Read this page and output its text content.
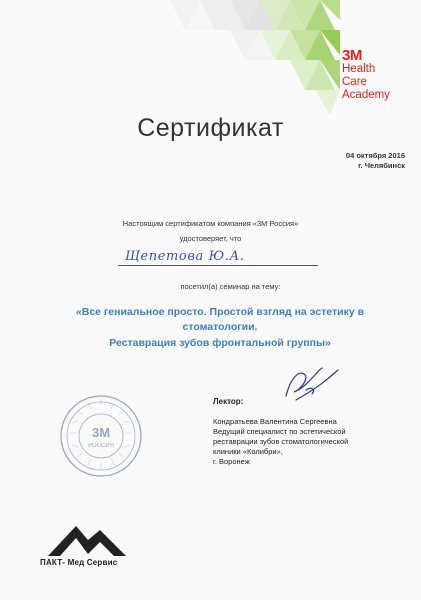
3M
Health
Care
Academy
Сертификат
04 октября 2016
г. Челябинск
Настоящим сертификатом компания «3М Россия»
удостоверяет, что
Щепетова Ю.А.
посетил(а) семинар на тему:
«Все гениальное просто. Простой взгляд на эстетику в
стоматологии.
Реставрация зубов фронтальной группы»
Лектор:
Кондратьева Валентина Сергеевна
Ведущий специалист по эстетической
реставрации зубов стоматологической
клиники «Колибри»,
г. Воронеж
3M
РОССИЯ
ПАКТ- Мед Сервис
